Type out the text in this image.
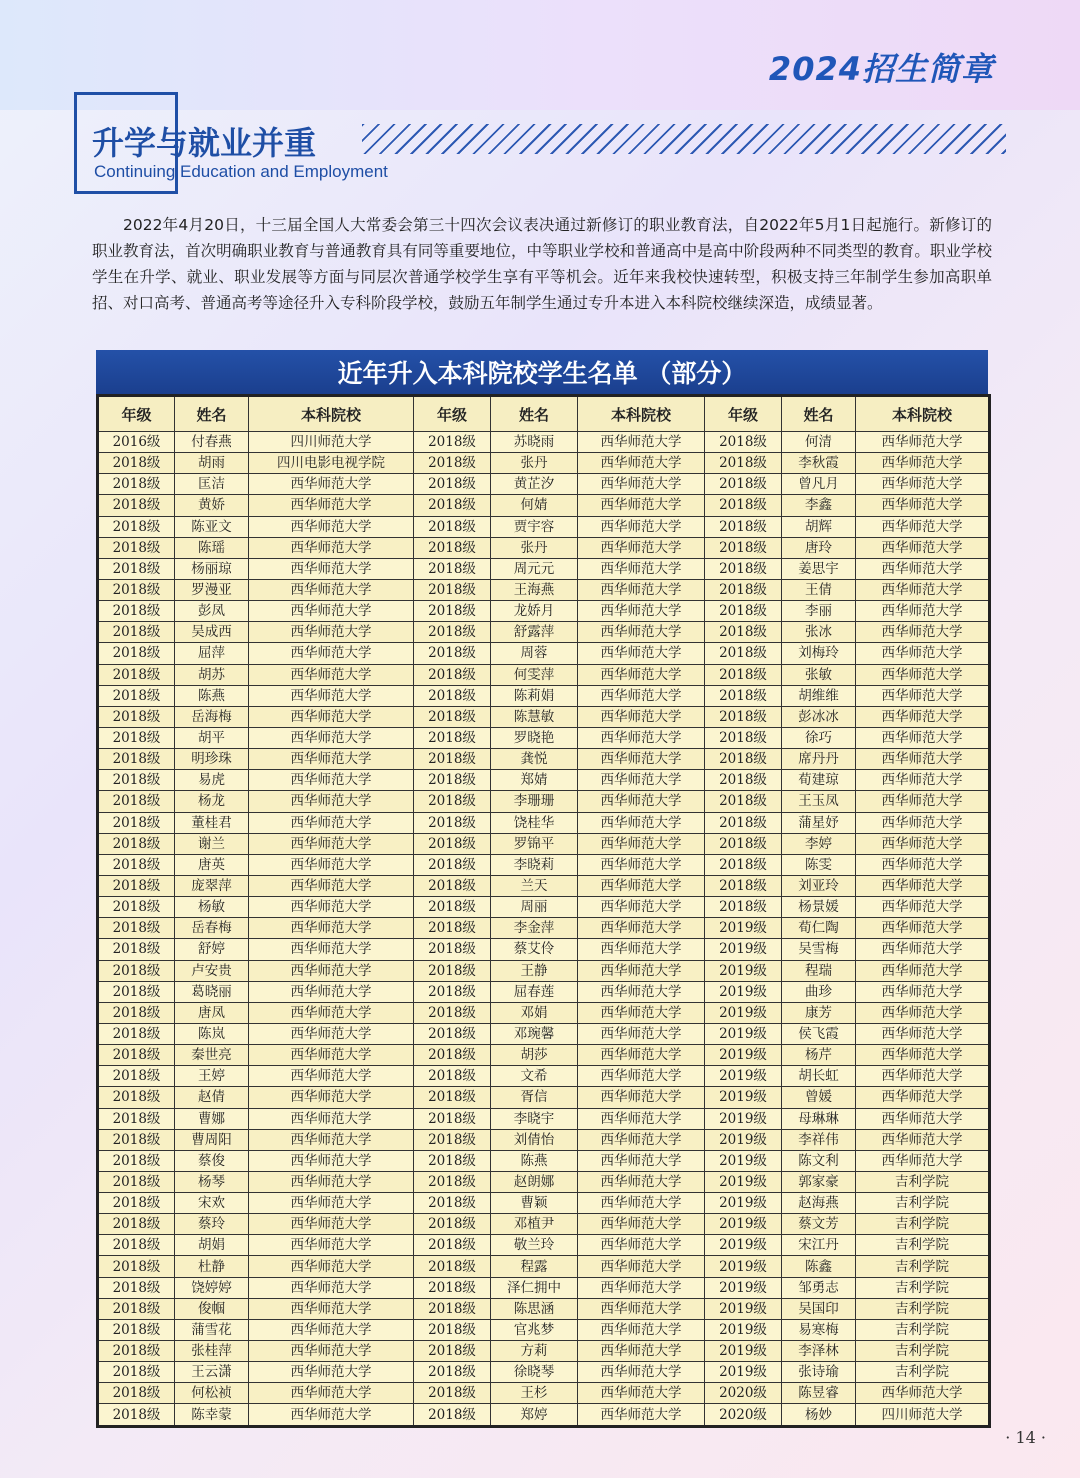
2024招生简章
升学与就业并重
Continuing Education and Employment
2022年4月20日，十三届全国人大常委会第三十四次会议表决通过新修订的职业教育法，自2022年5月1日起施行。新修订的职业教育法，首次明确职业教育与普通教育具有同等重要地位，中等职业学校和普通高中是高中阶段两种不同类型的教育。职业学校学生在升学、就业、职业发展等方面与同层次普通学校学生享有平等机会。近年来我校快速转型，积极支持三年制学生参加高职单招、对口高考、普通高考等途径升入专科阶段学校，鼓励五年制学生通过专升本进入本科院校继续深造，成绩显著。
近年升入本科院校学生名单 （部分）
年级	姓名	本科院校	年级	姓名	本科院校	年级	姓名	本科院校
2016级	付春燕	四川师范大学	2018级	苏晓雨	西华师范大学	2018级	何清	西华师范大学
2018级	胡雨	四川电影电视学院	2018级	张丹	西华师范大学	2018级	李秋霞	西华师范大学
2018级	匡洁	西华师范大学	2018级	黄芷汐	西华师范大学	2018级	曾凡月	西华师范大学
2018级	黄娇	西华师范大学	2018级	何婧	西华师范大学	2018级	李鑫	西华师范大学
2018级	陈亚文	西华师范大学	2018级	贾宇容	西华师范大学	2018级	胡辉	西华师范大学
2018级	陈瑶	西华师范大学	2018级	张丹	西华师范大学	2018级	唐玲	西华师范大学
2018级	杨丽琼	西华师范大学	2018级	周元元	西华师范大学	2018级	姜思宇	西华师范大学
2018级	罗漫亚	西华师范大学	2018级	王海燕	西华师范大学	2018级	王倩	西华师范大学
2018级	彭凤	西华师范大学	2018级	龙娇月	西华师范大学	2018级	李丽	西华师范大学
2018级	吴成西	西华师范大学	2018级	舒露萍	西华师范大学	2018级	张冰	西华师范大学
2018级	屈萍	西华师范大学	2018级	周蓉	西华师范大学	2018级	刘梅玲	西华师范大学
2018级	胡苏	西华师范大学	2018级	何雯萍	西华师范大学	2018级	张敏	西华师范大学
2018级	陈燕	西华师范大学	2018级	陈莉娟	西华师范大学	2018级	胡维维	西华师范大学
2018级	岳海梅	西华师范大学	2018级	陈慧敏	西华师范大学	2018级	彭冰冰	西华师范大学
2018级	胡平	西华师范大学	2018级	罗晓艳	西华师范大学	2018级	徐巧	西华师范大学
2018级	明珍珠	西华师范大学	2018级	龚悦	西华师范大学	2018级	席丹丹	西华师范大学
2018级	易虎	西华师范大学	2018级	郑婧	西华师范大学	2018级	荀建琼	西华师范大学
2018级	杨龙	西华师范大学	2018级	李珊珊	西华师范大学	2018级	王玉凤	西华师范大学
2018级	董桂君	西华师范大学	2018级	饶桂华	西华师范大学	2018级	蒲星妤	西华师范大学
2018级	谢兰	西华师范大学	2018级	罗锦平	西华师范大学	2018级	李婷	西华师范大学
2018级	唐英	西华师范大学	2018级	李晓莉	西华师范大学	2018级	陈雯	西华师范大学
2018级	庞翠萍	西华师范大学	2018级	兰天	西华师范大学	2018级	刘亚玲	西华师范大学
2018级	杨敏	西华师范大学	2018级	周丽	西华师范大学	2018级	杨景媛	西华师范大学
2018级	岳春梅	西华师范大学	2018级	李金萍	西华师范大学	2019级	荀仁陶	西华师范大学
2018级	舒婷	西华师范大学	2018级	蔡艾伶	西华师范大学	2019级	吴雪梅	西华师范大学
2018级	卢安贵	西华师范大学	2018级	王静	西华师范大学	2019级	程瑞	西华师范大学
2018级	葛晓丽	西华师范大学	2018级	屈春莲	西华师范大学	2019级	曲珍	西华师范大学
2018级	唐凤	西华师范大学	2018级	邓娟	西华师范大学	2019级	康芳	西华师范大学
2018级	陈岚	西华师范大学	2018级	邓琬馨	西华师范大学	2019级	侯飞霞	西华师范大学
2018级	秦世亮	西华师范大学	2018级	胡莎	西华师范大学	2019级	杨芹	西华师范大学
2018级	王婷	西华师范大学	2018级	文希	西华师范大学	2019级	胡长虹	西华师范大学
2018级	赵倩	西华师范大学	2018级	胥信	西华师范大学	2019级	曾媛	西华师范大学
2018级	曹娜	西华师范大学	2018级	李晓宇	西华师范大学	2019级	母琳琳	西华师范大学
2018级	曹周阳	西华师范大学	2018级	刘倩怡	西华师范大学	2019级	李祥伟	西华师范大学
2018级	蔡俊	西华师范大学	2018级	陈燕	西华师范大学	2019级	陈文利	西华师范大学
2018级	杨琴	西华师范大学	2018级	赵朗娜	西华师范大学	2019级	郭家豪	吉利学院
2018级	宋欢	西华师范大学	2018级	曹颖	西华师范大学	2019级	赵海燕	吉利学院
2018级	蔡玲	西华师范大学	2018级	邓植尹	西华师范大学	2019级	蔡文芳	吉利学院
2018级	胡娟	西华师范大学	2018级	敬兰玲	西华师范大学	2019级	宋江丹	吉利学院
2018级	杜静	西华师范大学	2018级	程露	西华师范大学	2019级	陈鑫	吉利学院
2018级	饶婷婷	西华师范大学	2018级	泽仁拥中	西华师范大学	2019级	邹勇志	吉利学院
2018级	俊帼	西华师范大学	2018级	陈思涵	西华师范大学	2019级	吴国印	吉利学院
2018级	蒲雪花	西华师范大学	2018级	官兆梦	西华师范大学	2019级	易寒梅	吉利学院
2018级	张桂萍	西华师范大学	2018级	方莉	西华师范大学	2019级	李泽林	吉利学院
2018级	王云潇	西华师范大学	2018级	徐晓琴	西华师范大学	2019级	张诗瑜	吉利学院
2018级	何松祯	西华师范大学	2018级	王杉	西华师范大学	2020级	陈昱睿	西华师范大学
2018级	陈幸蒙	西华师范大学	2018级	郑婷	西华师范大学	2020级	杨妙	四川师范大学
· 14 ·
